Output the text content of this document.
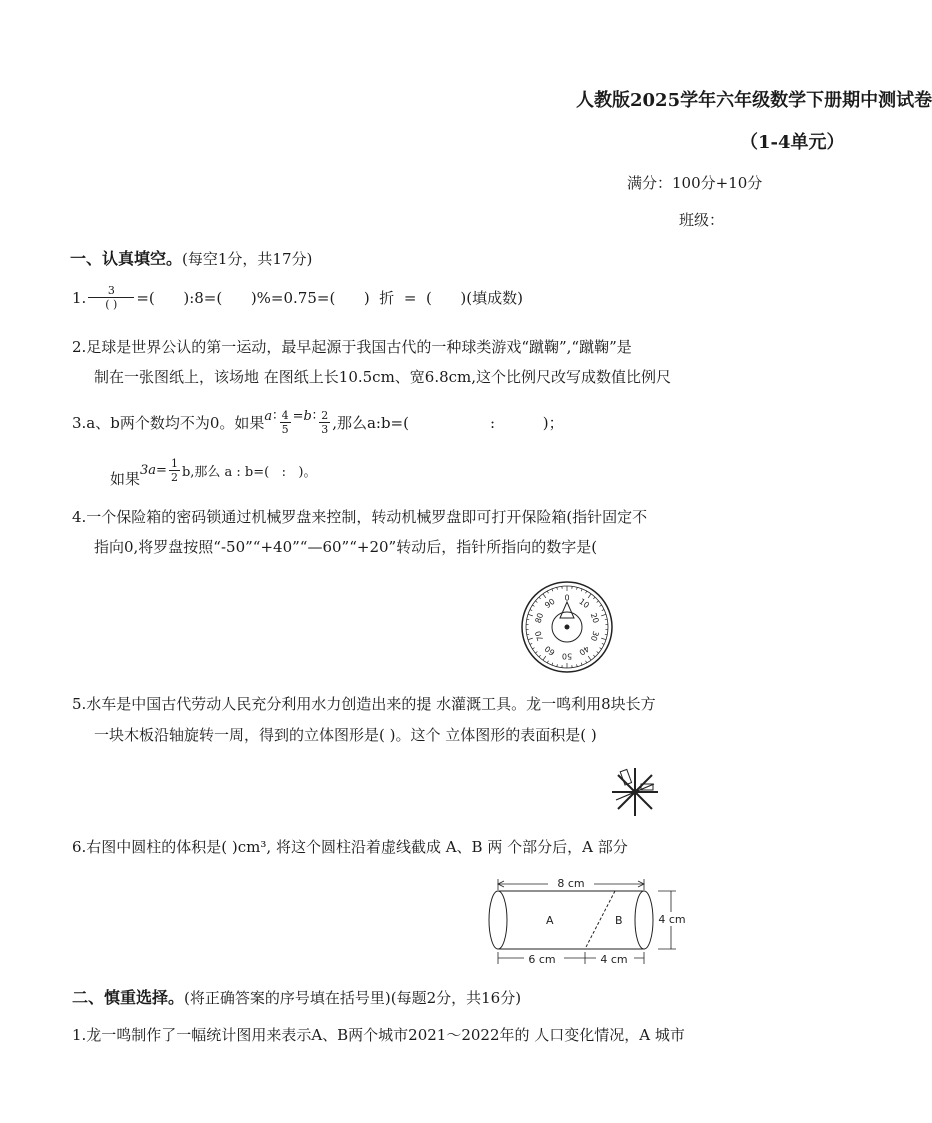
人教版2025学年六年级数学下册期中测试卷
（1-4单元）
满分：100分+10分
班级：
一、认真填空。(每空1分，共17分)
1. $\frac{3}{( )}$ =(      ):8=(      )%=0.75=(      )  折  =  (      )(填成数)
2.足球是世界公认的第一运动，最早起源于我国古代的一种球类游戏“蹴鞠”,“蹴鞠”是
制在一张图纸上，该场地 在图纸上长10.5cm、宽6.8cm,这个比例尺改写成数值比例尺
3.a、b两个数均不为0。如果 a ∶ $\frac{4}{5} = b$ ∶ $\frac{2}{3}$ ,那么a:b=(                 :          )；
如果 $3a= \frac{1}{2} b$,那么 a : b=(   :   )。
4.一个保险箱的密码锁通过机械罗盘来控制，转动机械罗盘即可打开保险箱(指针固定不
指向0,将罗盘按照“-50”“+40”“—60”“+20”转动后，指针所指向的数字是(
0 10
20
30
40
50
60
70
80
90
5.水车是中国古代劳动人民充分利用水力创造出来的提 水灌溉工具。龙一鸣利用8块长方
一块木板沿轴旋转一周，得到的立体图形是( )。这个 立体图形的表面积是( )
6.右图中圆柱的体积是( )cm³, 将这个圆柱沿着虚线截成 A、B 两 个部分后，A 部分
8 cm
A	B	4 cm
6 cm	4 cm
二、慎重选择。(将正确答案的序号填在括号里)(每题2分，共16分)
1.龙一鸣制作了一幅统计图用来表示A、B两个城市2021～2022年的 人口变化情况，A 城市
